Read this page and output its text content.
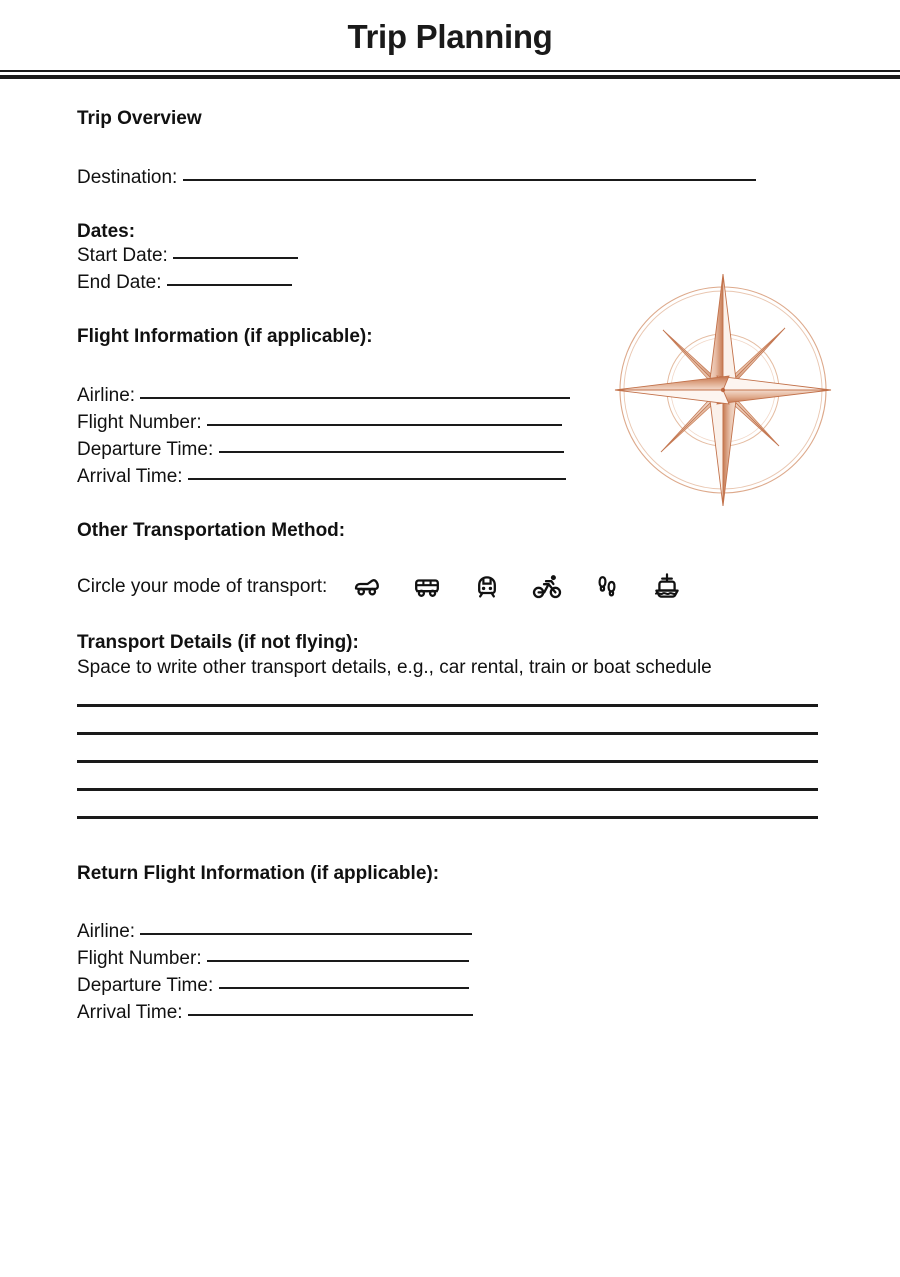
Trip Planning
Trip Overview
Destination:
Dates:
Start Date:
End Date:
Flight Information (if applicable):
Airline:
Flight Number:
Departure Time:
Arrival Time:
Other Transportation Method:
Circle your mode of transport:
Transport Details (if not flying):
Space to write other transport details, e.g., car rental, train or boat schedule
Return Flight Information (if applicable):
Airline:
Flight Number:
Departure Time:
Arrival Time:
